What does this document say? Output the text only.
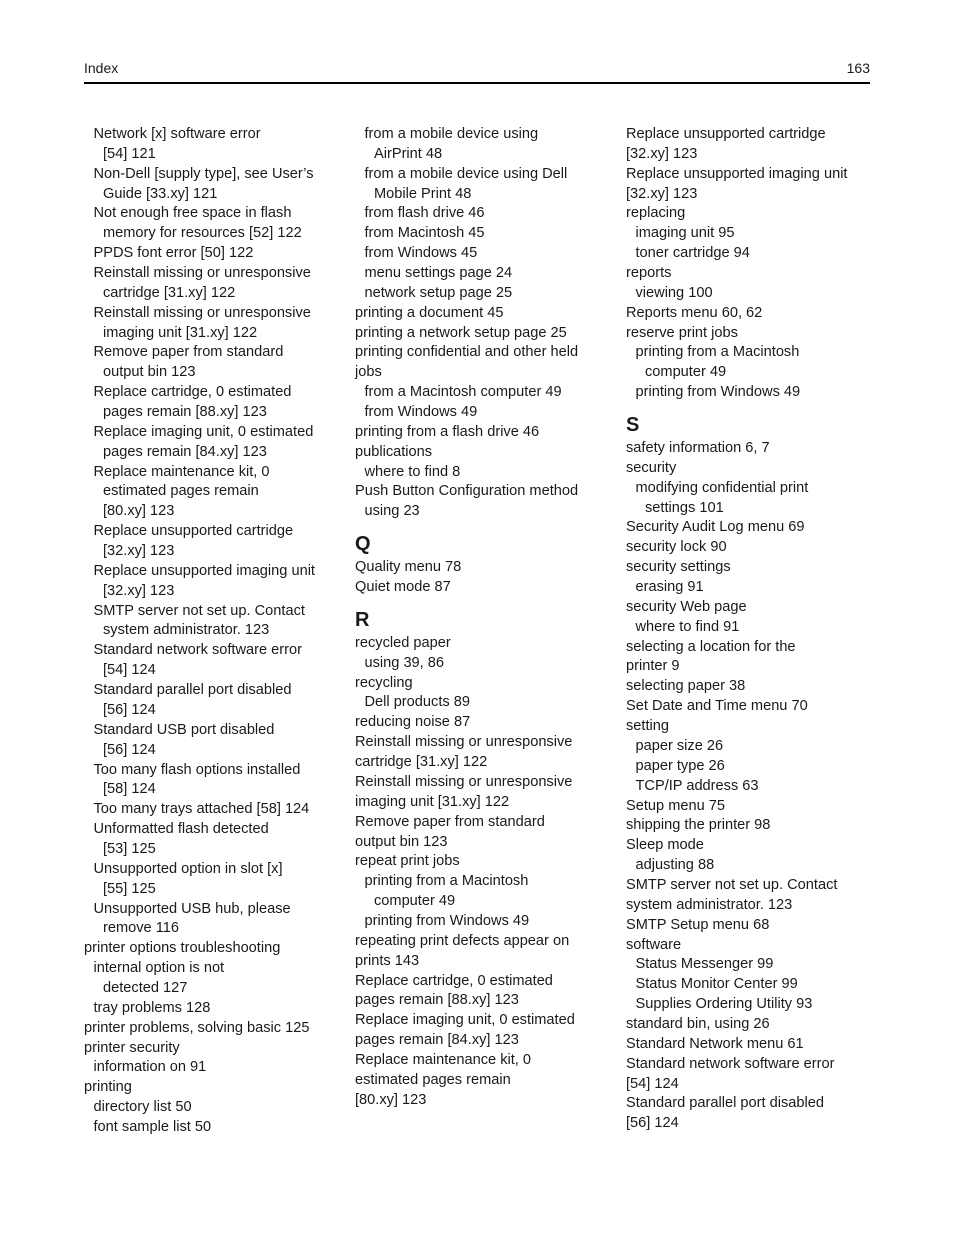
Index	163
Network [x] software error
[54] 121
Non-Dell [supply type], see User’s
Guide [33.xy] 121
Not enough free space in flash
memory for resources [52] 122
PPDS font error [50] 122
Reinstall missing or unresponsive
cartridge [31.xy] 122
Reinstall missing or unresponsive
imaging unit [31.xy] 122
Remove paper from standard
output bin 123
Replace cartridge, 0 estimated
pages remain [88.xy] 123
Replace imaging unit, 0 estimated
pages remain [84.xy] 123
Replace maintenance kit, 0
estimated pages remain
[80.xy] 123
Replace unsupported cartridge
[32.xy] 123
Replace unsupported imaging unit
[32.xy] 123
SMTP server not set up. Contact
system administrator. 123
Standard network software error
[54] 124
Standard parallel port disabled
[56] 124
Standard USB port disabled
[56] 124
Too many flash options installed
[58] 124
Too many trays attached [58] 124
Unformatted flash detected
[53] 125
Unsupported option in slot [x]
[55] 125
Unsupported USB hub, please
remove 116
printer options troubleshooting
internal option is not
detected 127
tray problems 128
printer problems, solving basic 125
printer security
information on 91
printing
directory list 50
font sample list 50
from a mobile device using
AirPrint 48
from a mobile device using Dell
Mobile Print 48
from flash drive 46
from Macintosh 45
from Windows 45
menu settings page 24
network setup page 25
printing a document 45
printing a network setup page 25
printing confidential and other held
jobs
from a Macintosh computer 49
from Windows 49
printing from a flash drive 46
publications
where to find 8
Push Button Configuration method
using 23
Q
Quality menu 78
Quiet mode 87
R
recycled paper
using 39, 86
recycling
Dell products 89
reducing noise 87
Reinstall missing or unresponsive
cartridge [31.xy] 122
Reinstall missing or unresponsive
imaging unit [31.xy] 122
Remove paper from standard
output bin 123
repeat print jobs
printing from a Macintosh
computer 49
printing from Windows 49
repeating print defects appear on
prints 143
Replace cartridge, 0 estimated
pages remain [88.xy] 123
Replace imaging unit, 0 estimated
pages remain [84.xy] 123
Replace maintenance kit, 0
estimated pages remain
[80.xy] 123
Replace unsupported cartridge
[32.xy] 123
Replace unsupported imaging unit
[32.xy] 123
replacing
imaging unit 95
toner cartridge 94
reports
viewing 100
Reports menu 60, 62
reserve print jobs
printing from a Macintosh
computer 49
printing from Windows 49
S
safety information 6, 7
security
modifying confidential print
settings 101
Security Audit Log menu 69
security lock 90
security settings
erasing 91
security Web page
where to find 91
selecting a location for the
printer 9
selecting paper 38
Set Date and Time menu 70
setting
paper size 26
paper type 26
TCP/IP address 63
Setup menu 75
shipping the printer 98
Sleep mode
adjusting 88
SMTP server not set up. Contact
system administrator. 123
SMTP Setup menu 68
software
Status Messenger 99
Status Monitor Center 99
Supplies Ordering Utility 93
standard bin, using 26
Standard Network menu 61
Standard network software error
[54] 124
Standard parallel port disabled
[56] 124
